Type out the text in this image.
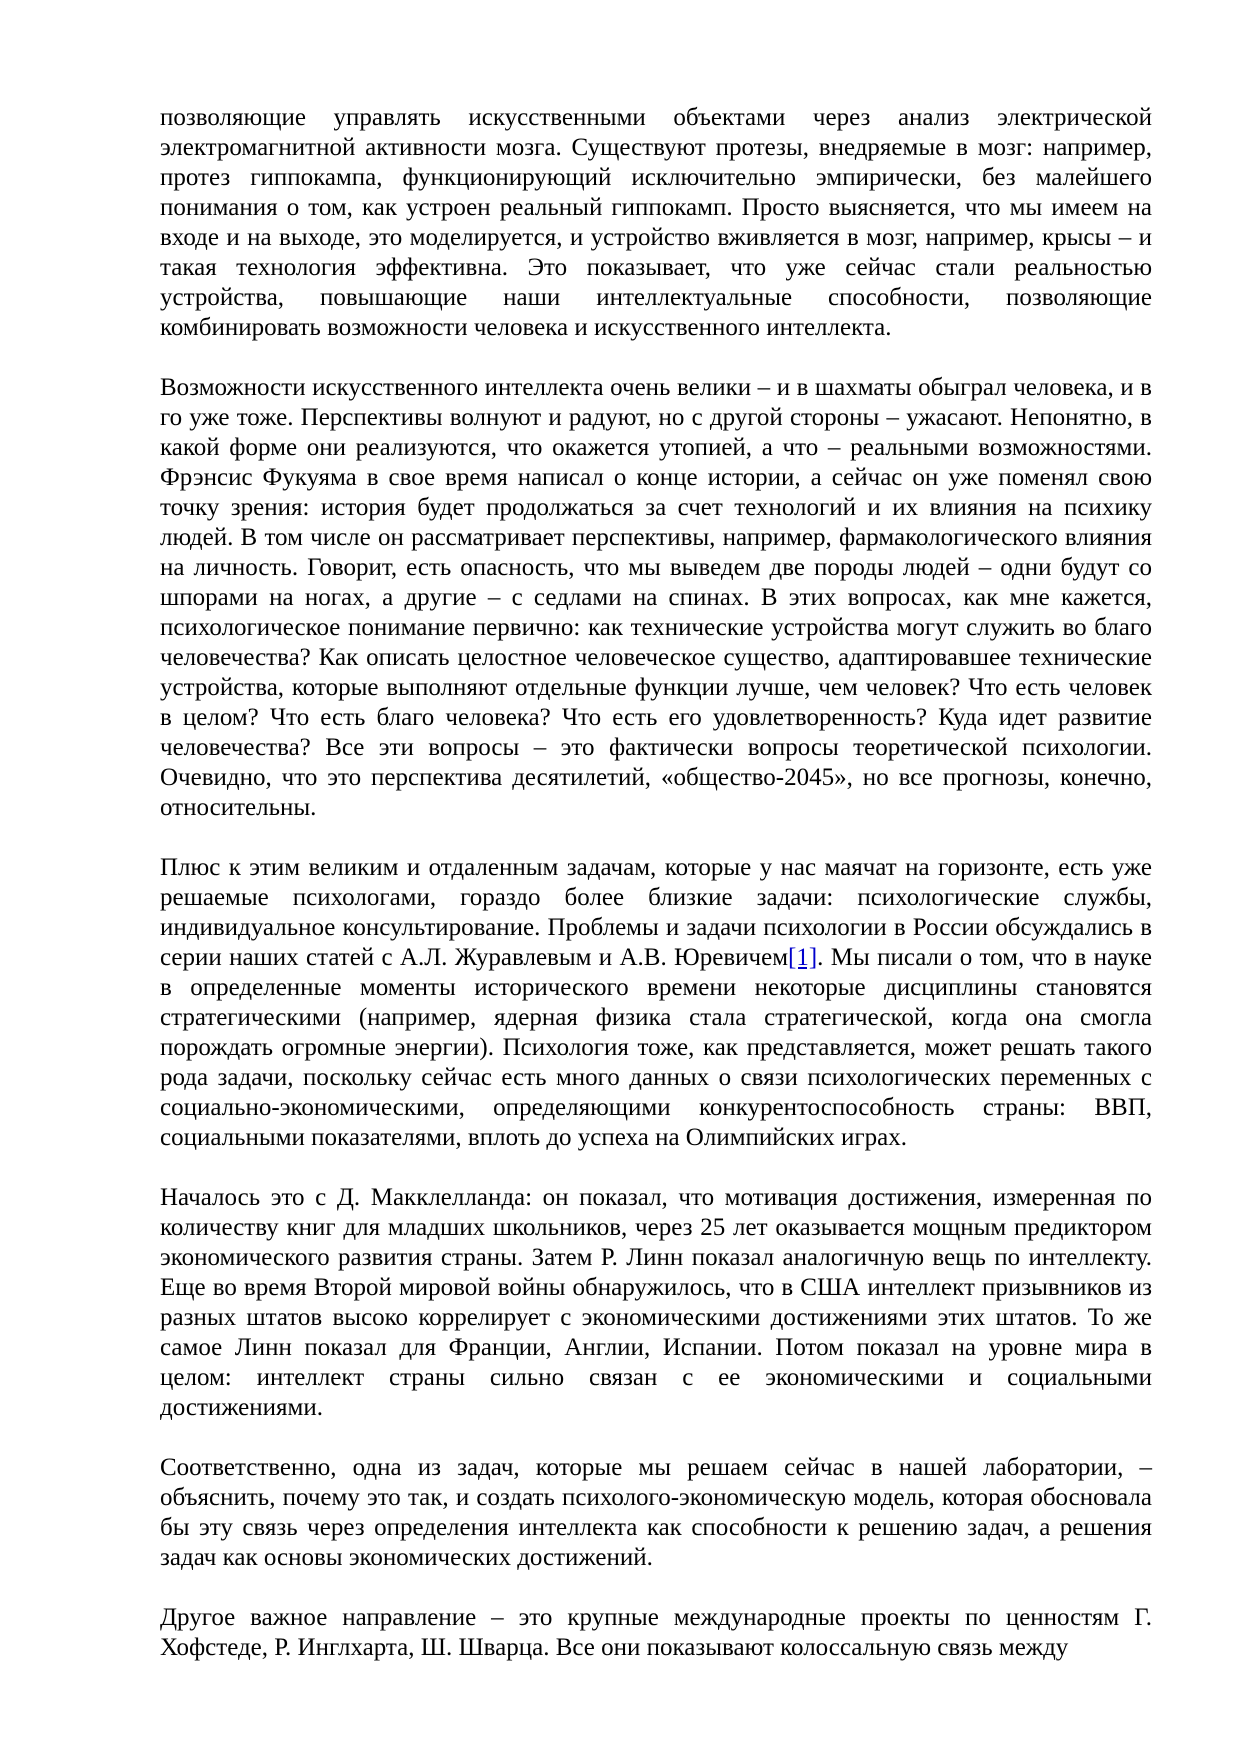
позволяющие управлять искусственными объектами через анализ электрической электромагнитной активности мозга. Существуют протезы, внедряемые в мозг: например, протез гиппокампа, функционирующий исключительно эмпирически, без малейшего понимания о том, как устроен реальный гиппокамп. Просто выясняется, что мы имеем на входе и на выходе, это моделируется, и устройство вживляется в мозг, например, крысы – и такая технология эффективна. Это показывает, что уже сейчас стали реальностью устройства, повышающие наши интеллектуальные способности, позволяющие комбинировать возможности человека и искусственного интеллекта.

Возможности искусственного интеллекта очень велики – и в шахматы обыграл человека, и в го уже тоже. Перспективы волнуют и радуют, но с другой стороны – ужасают. Непонятно, в какой форме они реализуются, что окажется утопией, а что – реальными возможностями. Фрэнсис Фукуяма в свое время написал о конце истории, а сейчас он уже поменял свою точку зрения: история будет продолжаться за счет технологий и их влияния на психику людей. В том числе он рассматривает перспективы, например, фармакологического влияния на личность. Говорит, есть опасность, что мы выведем две породы людей – одни будут со шпорами на ногах, а другие – с седлами на спинах. В этих вопросах, как мне кажется, психологическое понимание первично: как технические устройства могут служить во благо человечества? Как описать целостное человеческое существо, адаптировавшее технические устройства, которые выполняют отдельные функции лучше, чем человек? Что есть человек в целом? Что есть благо человека? Что есть его удовлетворенность? Куда идет развитие человечества? Все эти вопросы – это фактически вопросы теоретической психологии. Очевидно, что это перспектива десятилетий, «общество-2045», но все прогнозы, конечно, относительны.

Плюс к этим великим и отдаленным задачам, которые у нас маячат на горизонте, есть уже решаемые психологами, гораздо более близкие задачи: психологические службы, индивидуальное консультирование. Проблемы и задачи психологии в России обсуждались в серии наших статей с А.Л. Журавлевым и А.В. Юревичем[1]. Мы писали о том, что в науке в определенные моменты исторического времени некоторые дисциплины становятся стратегическими (например, ядерная физика стала стратегической, когда она смогла порождать огромные энергии). Психология тоже, как представляется, может решать такого рода задачи, поскольку сейчас есть много данных о связи психологических переменных с социально-экономическими, определяющими конкурентоспособность страны: ВВП, социальными показателями, вплоть до успеха на Олимпийских играх.

Началось это с Д. Макклелланда: он показал, что мотивация достижения, измеренная по количеству книг для младших школьников, через 25 лет оказывается мощным предиктором экономического развития страны. Затем Р. Линн показал аналогичную вещь по интеллекту. Еще во время Второй мировой войны обнаружилось, что в США интеллект призывников из разных штатов высоко коррелирует с экономическими достижениями этих штатов. То же самое Линн показал для Франции, Англии, Испании. Потом показал на уровне мира в целом: интеллект страны сильно связан с ее экономическими и социальными достижениями.

Соответственно, одна из задач, которые мы решаем сейчас в нашей лаборатории, – объяснить, почему это так, и создать психолого-экономическую модель, которая обосновала бы эту связь через определения интеллекта как способности к решению задач, а решения задач как основы экономических достижений.

Другое важное направление – это крупные международные проекты по ценностям Г. Хофстеде, Р. Инглхарта, Ш. Шварца. Все они показывают колоссальную связь между
